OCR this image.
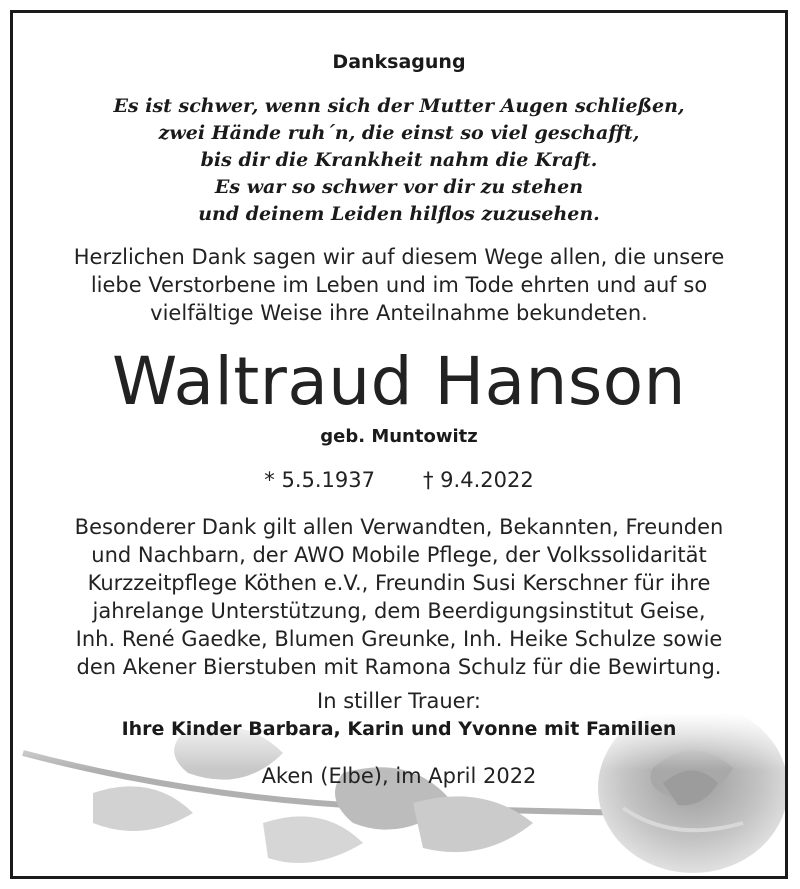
Danksagung
Es ist schwer, wenn sich der Mutter Augen schließen,
zwei Hände ruh´n, die einst so viel geschafft,
bis dir die Krankheit nahm die Kraft.
Es war so schwer vor dir zu stehen
und deinem Leiden hilflos zuzusehen.
Herzlichen Dank sagen wir auf diesem Wege allen, die unsere
liebe Verstorbene im Leben und im Tode ehrten und auf so
vielfältige Weise ihre Anteilnahme bekundeten.
Waltraud Hanson
geb. Muntowitz
* 5.5.1937 † 9.4.2022
Besonderer Dank gilt allen Verwandten, Bekannten, Freunden
und Nachbarn, der AWO Mobile Pflege, der Volkssolidarität
Kurzzeitpflege Köthen e.V., Freundin Susi Kerschner für ihre
jahrelange Unterstützung, dem Beerdigungsinstitut Geise,
Inh. René Gaedke, Blumen Greunke, Inh. Heike Schulze sowie
den Akener Bierstuben mit Ramona Schulz für die Bewirtung.
In stiller Trauer:
Ihre Kinder Barbara, Karin und Yvonne mit Familien
Aken (Elbe), im April 2022
